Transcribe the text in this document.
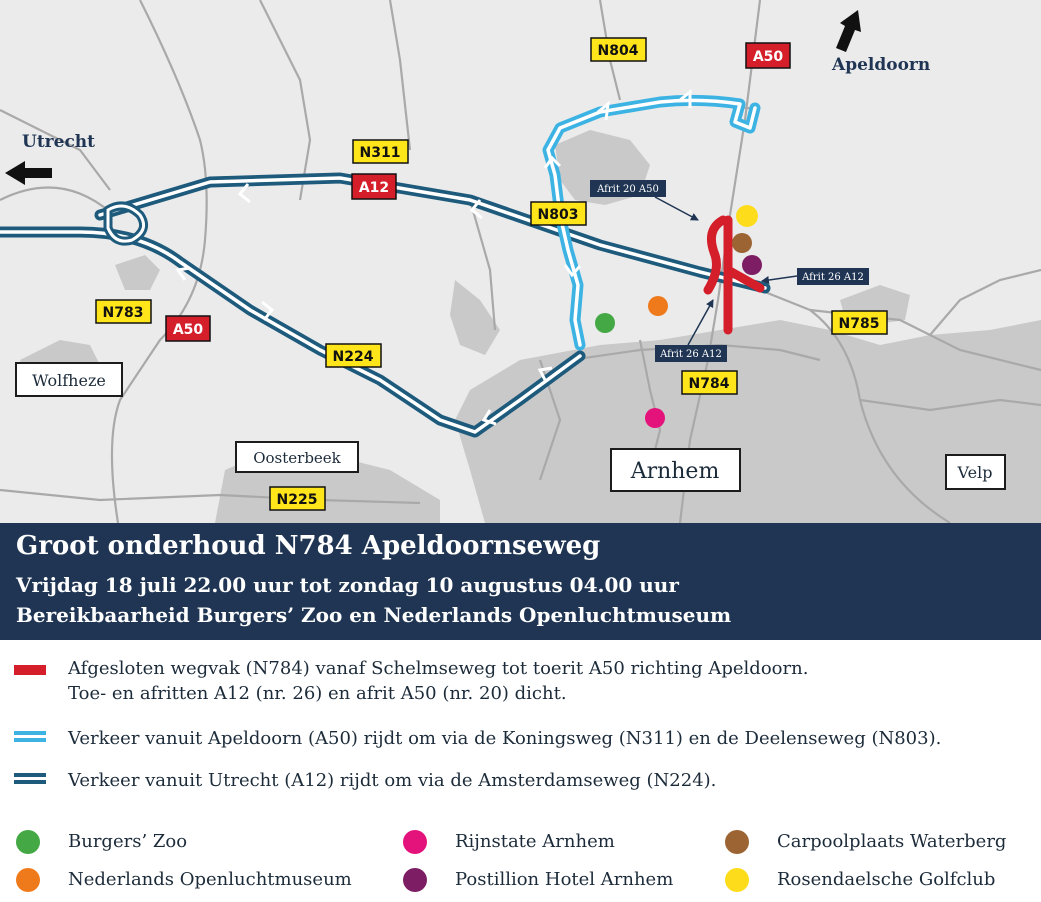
Utrecht
Apeldoorn
Wolfheze
Oosterbeek
Arnhem	Velp
N804
N311
N803
N783
N224
N785
N784
N225
A50
A12
A50
Afrit 20 A50
Afrit 26 A12
Afrit 26 A12
Groot onderhoud N784 Apeldoornseweg
Vrijdag 18 juli 22.00 uur tot zondag 10 augustus 04.00 uur
Bereikbaarheid Burgers’ Zoo en Nederlands Openluchtmuseum
Afgesloten wegvak (N784) vanaf Schelmseweg tot toerit A50 richting Apeldoorn.
Toe- en afritten A12 (nr. 26) en afrit A50 (nr. 20) dicht.
Verkeer vanuit Apeldoorn (A50) rijdt om via de Koningsweg (N311) en de Deelenseweg (N803).
Verkeer vanuit Utrecht (A12) rijdt om via de Amsterdamseweg (N224).
Burgers’ Zoo
Nederlands Openluchtmuseum
Rijnstate Arnhem
Postillion Hotel Arnhem
Carpoolplaats Waterberg
Rosendaelsche Golfclub
